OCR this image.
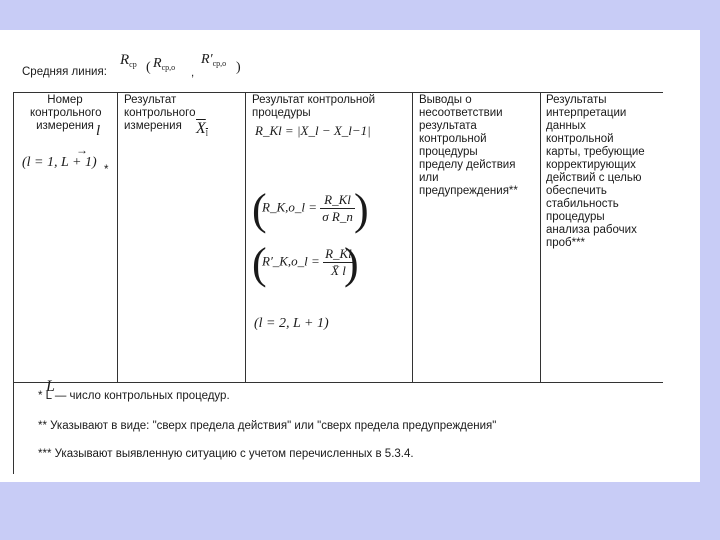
Средняя линия:
$R_{ср}$ ( $R_{ср,о}$ ,
$R'_{ср,о}$ )
Номер
контрольного
измерения
Результат
контрольного
измерения
Результат контрольной
процедуры
Выводы о
несоответствии
результата
контрольной
процедуры
пределу действия
или
предупреждения**
Результаты
интерпретации
данных
контрольной
карты, требующие
корректирующих
действий с целью
обеспечить
стабильность
процедуры
анализа рабочих
проб***
l
→
(l = 1, L + 1) *
$X_l$	R_Кl = |X_l − X_l−1|
(
R_К,о_l = $\frac{R\_Кl}{\text{σ R\_n}}$ )
(
R′_К,о_l = $\frac{R\_Кl}{X̄ l}$
)
(l = 2, L + 1)
L
* L — число контрольных процедур.
** Указывают в виде: "сверх предела действия" или "сверх предела предупреждения"
*** Указывают выявленную ситуацию с учетом перечисленных в 5.3.4.
